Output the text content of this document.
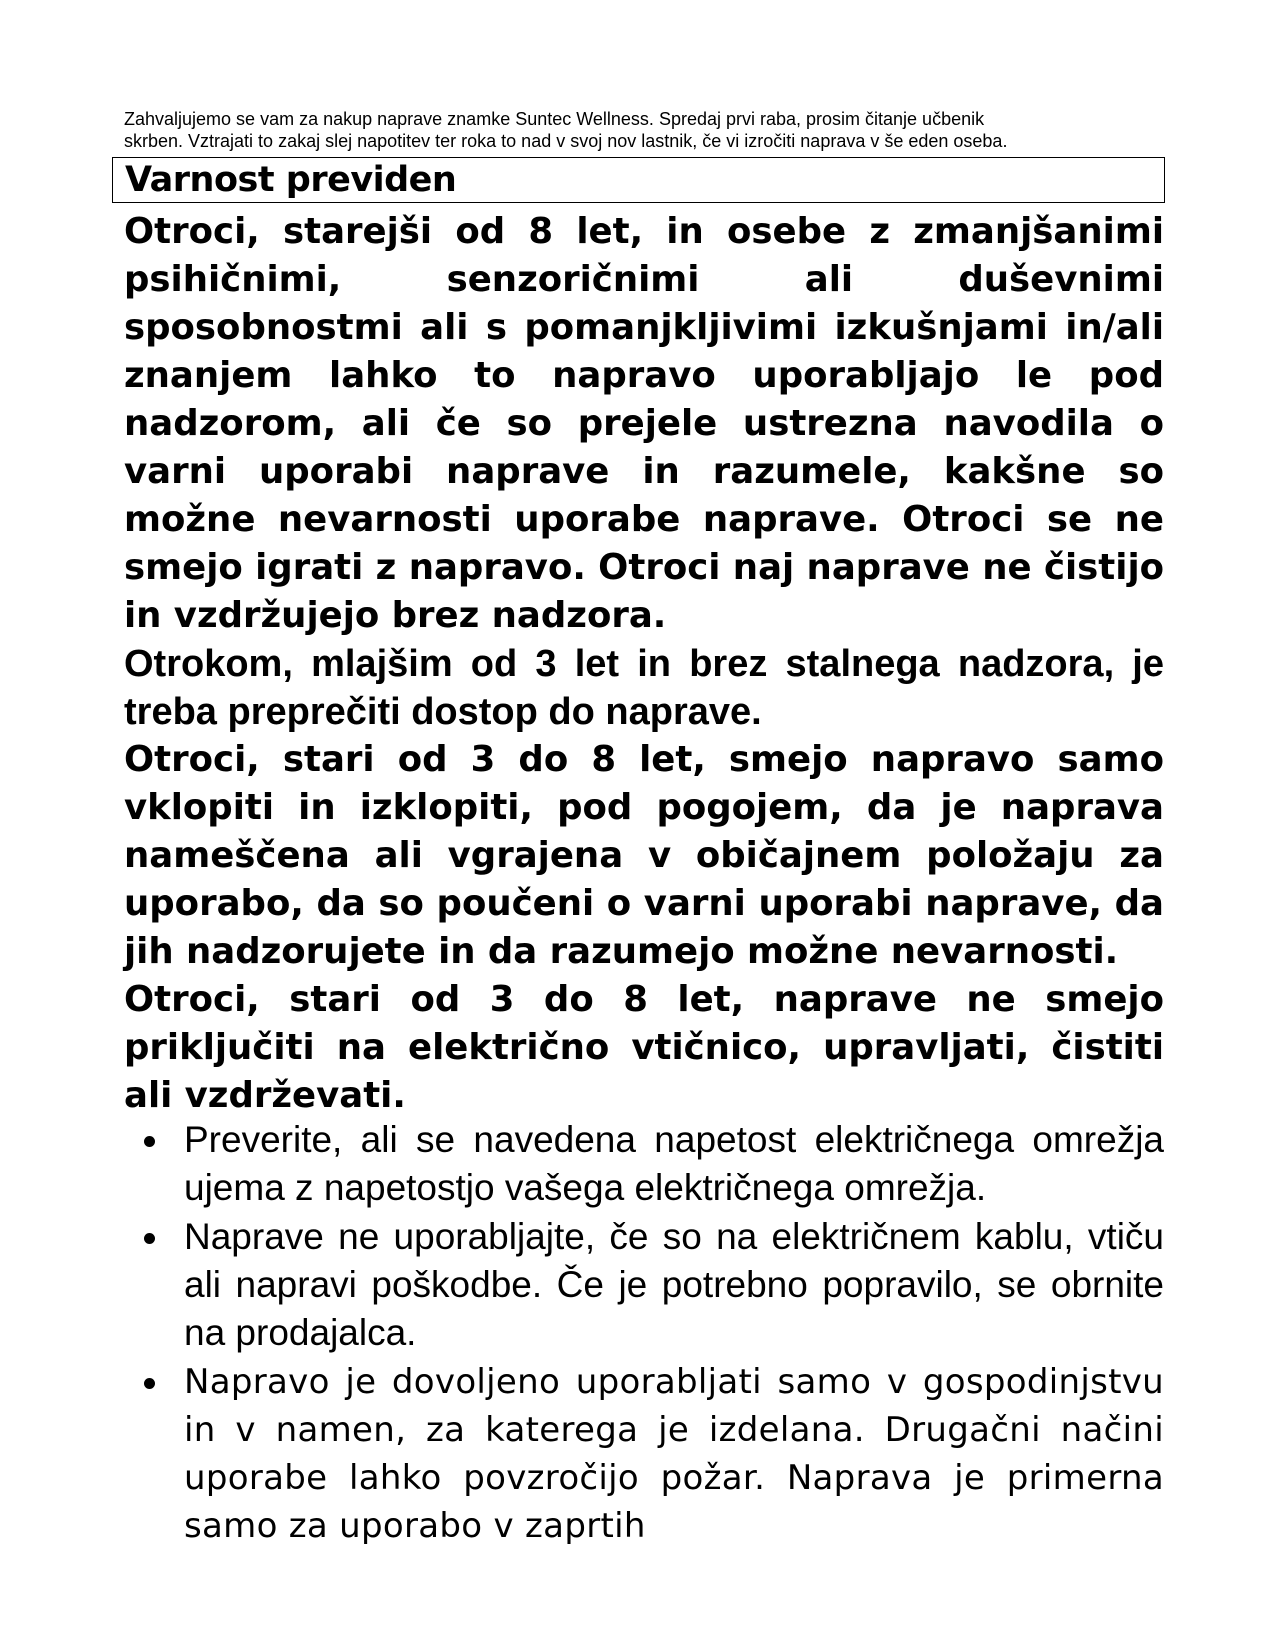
Zahvaljujemo se vam za nakup naprave znamke Suntec Wellness. Spredaj prvi raba, prosim čitanje učbenik

skrben. Vztrajati to zakaj slej napotitev ter roka to nad v svoj nov lastnik, če vi izročiti naprava v še eden oseba.

Varnost previden

Otroci, starejši od 8 let, in osebe z zmanjšanimi psihičnimi, senzoričnimi ali duševnimi sposobnostmi ali s pomanjkljivimi izkušnjami in/ali znanjem lahko to napravo uporabljajo le pod nadzorom, ali če so prejele ustrezna navodila o varni uporabi naprave in razumele, kakšne so možne nevarnosti uporabe naprave. Otroci se ne smejo igrati z napravo. Otroci naj naprave ne čistijo in vzdržujejo brez nadzora.

Otrokom, mlajšim od 3 let in brez stalnega nadzora, je treba preprečiti dostop do naprave.

Otroci, stari od 3 do 8 let, smejo napravo samo vklopiti in izklopiti, pod pogojem, da je naprava nameščena ali vgrajena v običajnem položaju za uporabo, da so poučeni o varni uporabi naprave, da jih nadzorujete in da razumejo možne nevarnosti.

Otroci, stari od 3 do 8 let, naprave ne smejo priključiti na električno vtičnico, upravljati, čistiti ali vzdrževati.

Preverite, ali se navedena napetost električnega omrežja ujema z napetostjo vašega električnega omrežja.
Naprave ne uporabljajte, če so na električnem kablu, vtiču ali napravi poškodbe. Če je potrebno popravilo, se obrnite na prodajalca.
Napravo je dovoljeno uporabljati samo v gospodinjstvu in v namen, za katerega je izdelana. Drugačni načini uporabe lahko povzročijo požar. Naprava je primerna samo za uporabo v zaprtih
